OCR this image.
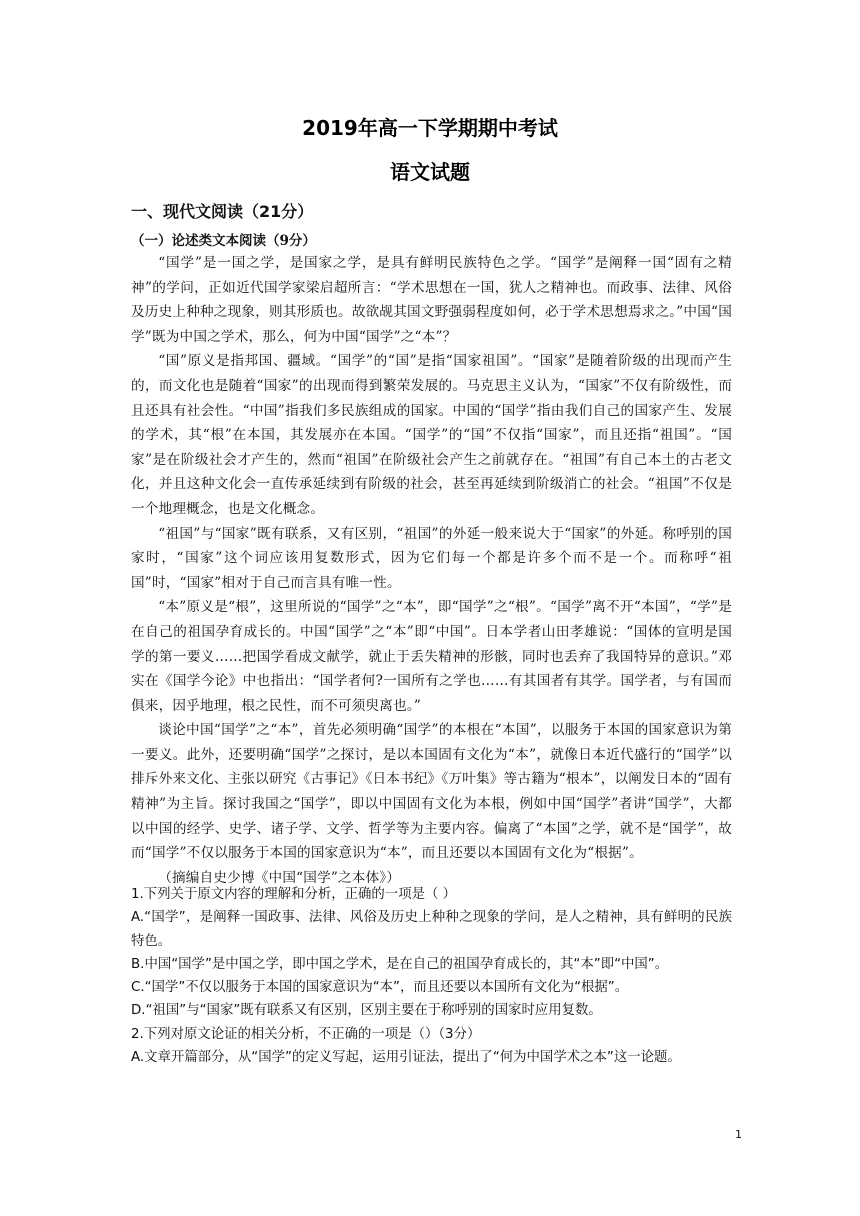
2019年高一下学期期中考试
语文试题
一、现代文阅读（21分）
（一）论述类文本阅读（9分）

“国学”是一国之学，是国家之学，是具有鲜明民族特色之学。“国学”是阐释一国“固有之精神”的学问，正如近代国学家梁启超所言：“学术思想在一国，犹人之精神也。而政事、法律、风俗及历史上种种之现象，则其形质也。故欲觇其国文野强弱程度如何，必于学术思想焉求之。”中国“国学”既为中国之学术，那么，何为中国“国学”之“本”？

“国”原义是指邦国、疆域。“国学”的“国”是指“国家祖国”。“国家”是随着阶级的出现而产生的，而文化也是随着“国家”的出现而得到繁荣发展的。马克思主义认为，“国家”不仅有阶级性，而且还具有社会性。“中国”指我们多民族组成的国家。中国的“国学”指由我们自己的国家产生、发展的学术，其“根”在本国，其发展亦在本国。“国学”的“国”不仅指“国家”，而且还指“祖国”。“国家”是在阶级社会才产生的，然而“祖国”在阶级社会产生之前就存在。“祖国”有自己本土的古老文化，并且这种文化会一直传承延续到有阶级的社会，甚至再延续到阶级消亡的社会。“祖国”不仅是一个地理概念，也是文化概念。

“祖国”与“国家”既有联系，又有区别，“祖国”的外延一般来说大于“国家”的外延。称呼别的国家时，“国家”这个词应该用复数形式，因为它们每一个都是许多个而不是一个。而称呼“祖国”时，“国家”相对于自己而言具有唯一性。

“本”原义是“根”，这里所说的“国学”之“本”，即“国学”之“根”。“国学”离不开“本国”，“学”是在自己的祖国孕育成长的。中国“国学”之“本”即“中国”。日本学者山田孝雄说：“国体的宣明是国学的第一要义……把国学看成文献学，就止于丢失精神的形骸，同时也丢弃了我国特异的意识。”邓实在《国学今论》中也指出：“国学者何?一国所有之学也……有其国者有其学。国学者，与有国而俱来，因乎地理，根之民性，而不可须臾离也。”

谈论中国“国学”之“本”，首先必须明确“国学”的本根在“本国”，以服务于本国的国家意识为第一要义。此外，还要明确“国学”之探讨，是以本国固有文化为“本”，就像日本近代盛行的“国学”以排斥外来文化、主张以研究《古事记》《日本书纪》《万叶集》等古籍为“根本”，以阐发日本的“固有精神”为主旨。探讨我国之“国学”，即以中国固有文化为本根，例如中国“国学”者讲“国学”，大都以中国的经学、史学、诸子学、文学、哲学等为主要内容。偏离了“本国”之学，就不是“国学”，故而“国学”不仅以服务于本国的国家意识为“本”，而且还要以本国固有文化为“根据”。

（摘编自史少博《中国“国学”之本体》）

1.下列关于原文内容的理解和分析，正确的一项是（ ）

A.“国学”，是阐释一国政事、法律、风俗及历史上种种之现象的学问，是人之精神，具有鲜明的民族特色。

B.中国“国学”是中国之学，即中国之学术，是在自己的祖国孕育成长的，其“本”即“中国”。

C.“国学”不仅以服务于本国的国家意识为“本”，而且还要以本国所有文化为“根据”。

D.“祖国”与“国家”既有联系又有区别，区别主要在于称呼别的国家时应用复数。

2.下列对原文论证的相关分析，不正确的一项是（）（3分）

A.文章开篇部分，从“国学”的定义写起，运用引证法，提出了“何为中国学术之本”这一论题。

1
